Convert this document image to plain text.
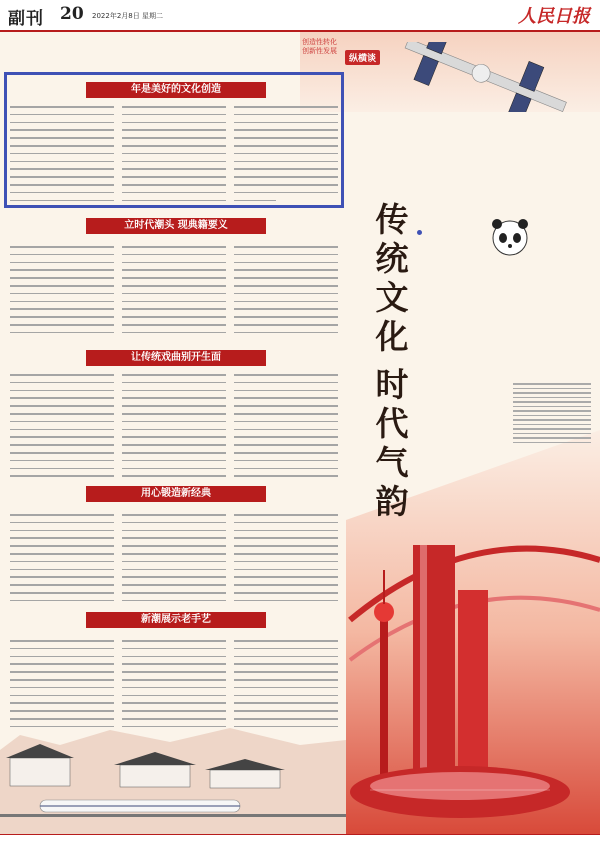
副刊 20 2022年2月8日 星期二	人民日报
创造性转化
创新性发展
纵横谈
传
统
文
化
时
代
气
韵
年是美好的文化创造
立时代潮头 现典籍要义
让传统戏曲别开生面
用心锻造新经典
新潮展示老手艺
